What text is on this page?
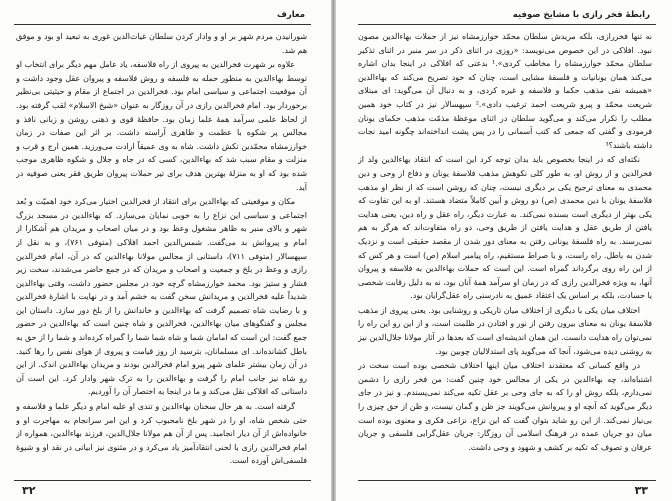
معارف

شورانیدن مردم شهر بر او و وادار کردن سلطان غیاث‌الدین غوری به تبعید او بود و موفق هم شد.

علاوه بر شهرت فخرالدین به پیروی از راه فلاسفه، یاد عامل مهم دیگر برای انتخاب او توسط بهاءالدین به منظور حمله به فلسفه و روش فلاسفه و پیروان عقل وجود داشت و آن موقعیت اجتماعی و سیاسی امام بود. فخرالدین در اجتماع از مقام و حیثیتی بی‌نظیر برخوردار بود. امام فخرالدین رازی در آن روزگار به عنوان «شیخ الاسلام» لقب گرفته بود. از لحاظ علمی سرآمد همهٔ علما زمان بود. حافظهٔ قوی و ذهنی روشن و زبانی نافذ و مجالس پر شکوه با عظمت و ظاهری آراسته داشت. بر اثر این صفات در زمان خوارزمشاه محمّدبن تکش داشت. شاه به وی عمیقاً ارادت می‌ورزید. همین ارج و قرب و منزلت و مقام سبب شد که بهاءالدین، کسی که در جاه و جلال و شکوه ظاهری موجب شده بود که او به منزلهٔ بهترین هدف برای تیر حملات پیروان طریق فقر یعنی صوفیه در آید.

مکان و موقعیتی که بهاءالدین برای انتقاد از فخرالدین اختیار می‌کرد خود اهمیّت و بُعد اجتماعی و سیاسی این نزاع را به خوبی نمایان می‌سازد. که بهاءالدین در مسجد بزرگ شهر و بالای منبر به ظاهر مشغول وعظ بود و در میان اصحاب و مریدان هم آشکارا از امام و پیروانش بد می‌گفت. شمس‌الدین احمد افلاکی (متوفی ۷۶۱)، و به نقل از سپهسالار (متوفی ۷۱۱)، داستانی از مجالس مولانا بهاءالدین که در آن، امام فخرالدین رازی و وعظ در بلخ و جمعیت و اصحاب و مریدان که در جمع حاضر می‌شدند، سخت زیر فشار و ستیز بود. محمد خوارزمشاه گرچه خود در مجلس حضور داشت، وقتی بهاءالدین شدیداً علیه فخرالدین و مریدانش سخن گفت به خشم آمد و در نهایت با اشارهٔ فخرالدین و با رضایت شاه تصمیم گرفت که بهاءالدین و خاندانش را از بلخ دور سازد. داستان این مجلس و گفتگوهای میان بهاءالدین، فخرالدین و شاه چنین است که بهاءالدین در حضور جمع گفت: این است که امامان شما و شاه شما شما را گمراه کرده‌اند و شما را از حق به باطل کشانده‌اند. ای مسلمانان، بترسید از روز قیامت و پیروی از هوای نفس را رها کنید. در آن زمان بیشتر علمای شهر پیرو امام فخرالدین بودند و مریدان بهاءالدین اندک. از این رو شاه نیز جانب امام را گرفت و بهاءالدین را به ترک شهر وادار کرد. این است آن داستانی که افلاکی نقل می‌کند و ما در اینجا به اختصار آن را آوردیم.

گرفته است. به هر حال سخنان بهاءالدین و تندی او علیه امام و دیگر علما و فلاسفه و حتی شخص شاه، او را در شهر بلخ نامحبوب کرد و این امر سرانجام به مهاجرت او و خانواده‌اش از آن دیار انجامید. پس از آن هم مولانا جلال‌الدین، فرزند بهاءالدین، همواره از امام فخرالدین رازی با لحنی انتقادآمیز یاد می‌کرد و در مثنوی نیز ابیاتی در نقد او و شیوهٔ فلسفی‌اش آورده است.

۳۲
رابطهٔ فخر رازی با مشایخ صوفیه

نه تنها فخررازی، بلکه مریدش سلطان محمّد خوارزمشاه نیز از حملات بهاءالدین مصون نبود. افلاکی در این خصوص می‌نویسد: «روزی در اثنای ذکر در سر منبر در اثنای تذکیر سلطان محمّد خوارزمشاه را مخاطب کردی».¹ بدعتی که افلاکی در اینجا بدان اشاره می‌کند همان یونانیات و فلسفهٔ مشایی است، چنان که خود تصریح می‌کند که بهاءالدین «همیشه نفی مذهب حکما و فلاسفه و غیره کردی، و به دنبال آن می‌گوید: ای مبتلای شریعت محمّد و پیرو شریعت احمد ترغیب دادی».² سپهسالار نیز در کتاب خود همین مطلب را تکرار می‌کند و می‌گوید سلطان در اثنای موعظهٔ مذمّت مذهب حکمای یونان فرمودی و گفتی که جمعی که کتب آسمانی را در پس پشت انداخته‌اند چگونه امید نجات داشته باشند؟³

نکته‌ای که در اینجا بخصوص باید بدان توجه کرد این است که انتقاد بهاءالدین ولد از فخرالدین و از روش او، به طور کلی نکوهش مذهب فلاسفهٔ یونان و دفاع از وحی و دین محمدی به معنای ترجیح یکی بر دیگری نیست، چنان که روشن است که از نظر او مذهب فلاسفهٔ یونان با دین محمدی (ص) دو روش و آیین کاملاً متضاد هستند. او به این تفاوت که یکی بهتر از دیگری است بسنده نمی‌کند. به عبارت دیگر، راه عقل و راه دین، یعنی هدایت یافتن از طریق عقل و هدایت یافتن از طریق وحی، دو راه متفاوت‌اند که هرگز به هم نمی‌رسند. به راه فلسفهٔ یونانی رفتن به معنای دور شدن از مقصد حقیقی است و نزدیک شدن به باطل. راه راست، و یا صراط مستقیم، راه پیامبر اسلام (ص) است و هر کس که از این راه روی برگرداند گمراه است. این است که حملات بهاءالدین به فلاسفه و پیروان آنها، به ویژه فخرالدین رازی که در زمان او سرآمد همهٔ آنان بود، نه به دلیل رقابت شخصی یا حسادت، بلکه بر اساس یک اعتقاد عمیق به نادرستی راه عقل‌گرایان بود.

اختلاف میان یکی با دیگری از اختلاف میان تاریکی و روشنایی بود. یعنی پیروی از مذهب فلاسفهٔ یونان به معنای بیرون رفتن از نور و افتادن در ظلمت است، و از این رو این راه را نمی‌توان راه هدایت دانست. این همان اندیشه‌ای است که بعدها در آثار مولانا جلال‌الدین نیز به روشنی دیده می‌شود، آنجا که می‌گوید پای استدلالیان چوبین بود.

در واقع کسانی که معتقدند اختلاف میان اینها اختلاف شخصی بوده است سخت در اشتباه‌اند، چه بهاءالدین در یکی از مجالس خود چنین گفت: من فخر رازی را دشمن نمی‌دارم، بلکه روش او را که به جای وحی بر عقل تکیه می‌کند نمی‌پسندم. و نیز در جای دیگر می‌گوید که آنچه او و پیروانش می‌گویند جز ظن و گمان نیست، و ظن از حق چیزی را بی‌نیاز نمی‌کند. از این رو شاید بتوان گفت که این نزاع، نزاعی فکری و معنوی بوده است میان دو جریان عمده در فرهنگ اسلامی آن روزگار: جریان عقل‌گرایی فلسفی و جریان عرفان و تصوف که تکیه بر کشف و شهود و وحی داشت.

۳۳
